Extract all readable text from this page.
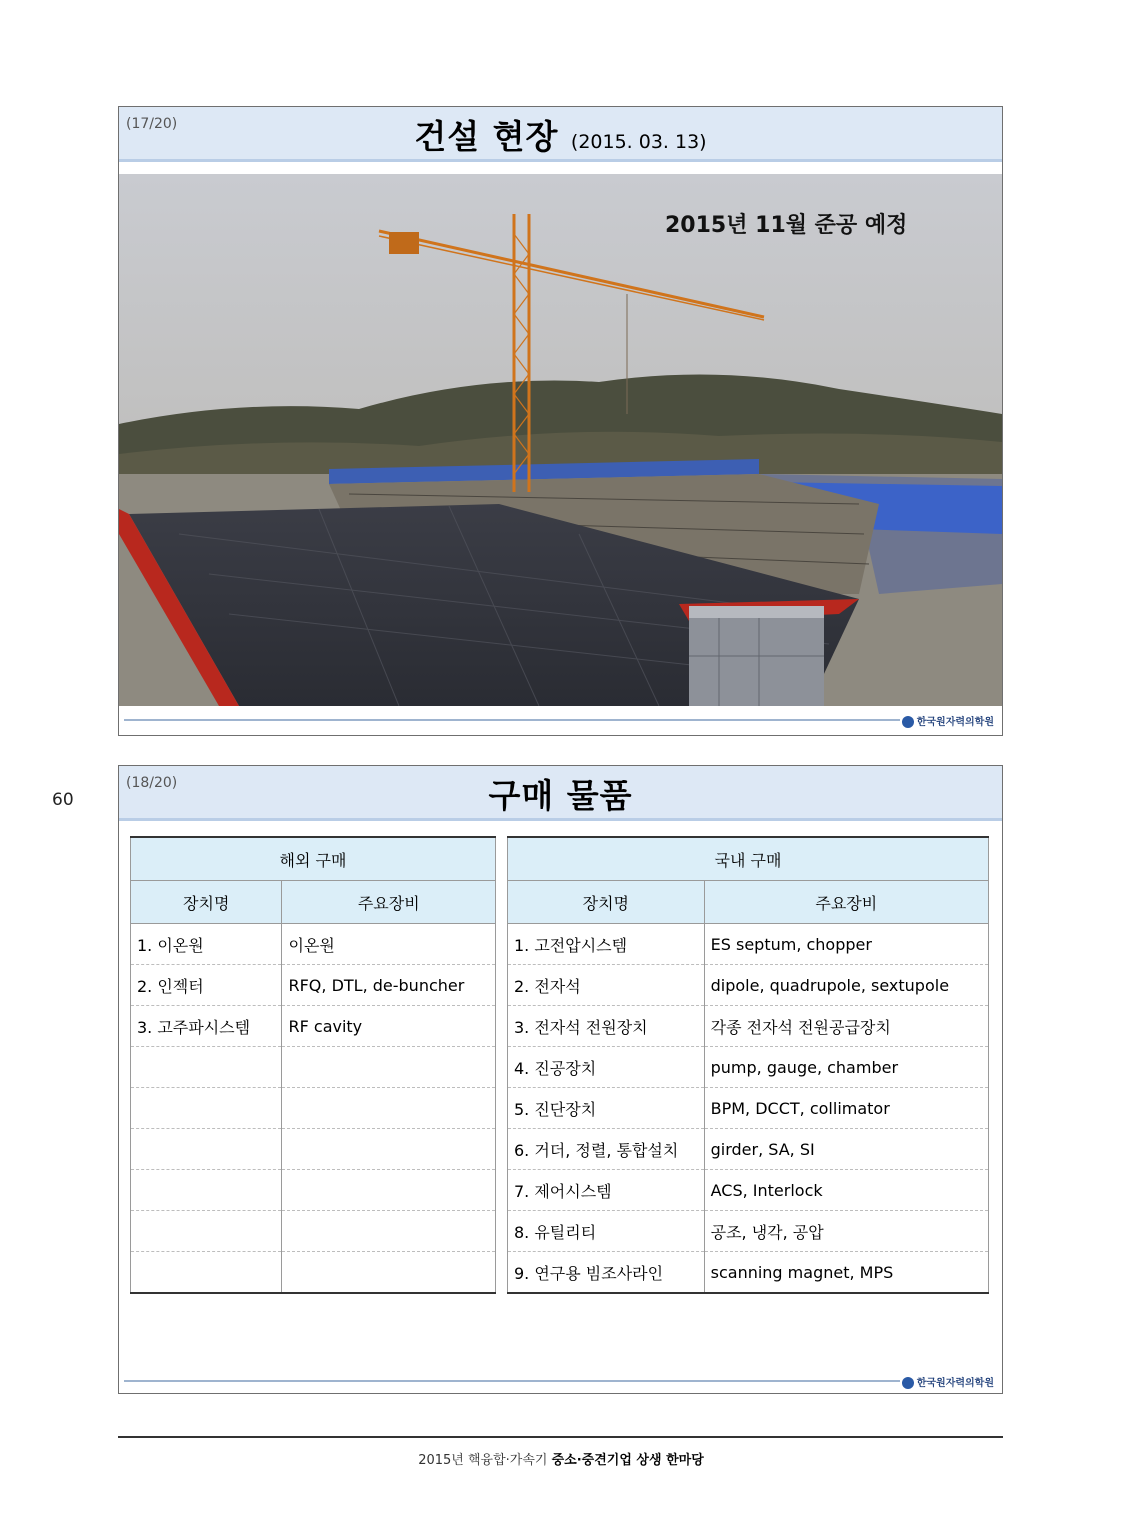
60
(17/20)	건설 현장 (2015. 03. 13)
2015년 11월 준공 예정
한국원자력의학원
(18/20)	구매 물품
해외 구매	
장치명	주요장비
1. 이온원	이온원
2. 인젝터	RFQ, DTL, de-buncher
3. 고주파시스템	RF cavity

국내 구매	
장치명	주요장비
1. 고전압시스템	ES septum, chopper
2. 전자석	dipole, quadrupole, sextupole
3. 전자석 전원장치	각종 전자석 전원공급장치
4. 진공장치	pump, gauge, chamber
5. 진단장치	BPM, DCCT, collimator
6. 거더, 정렬, 통합설치	girder, SA, SI
7. 제어시스템	ACS, Interlock
8. 유틸리티	공조, 냉각, 공압
9. 연구용 빔조사라인	scanning magnet, MPS
한국원자력의학원
2015년 핵융합·가속기 중소·중견기업 상생 한마당
